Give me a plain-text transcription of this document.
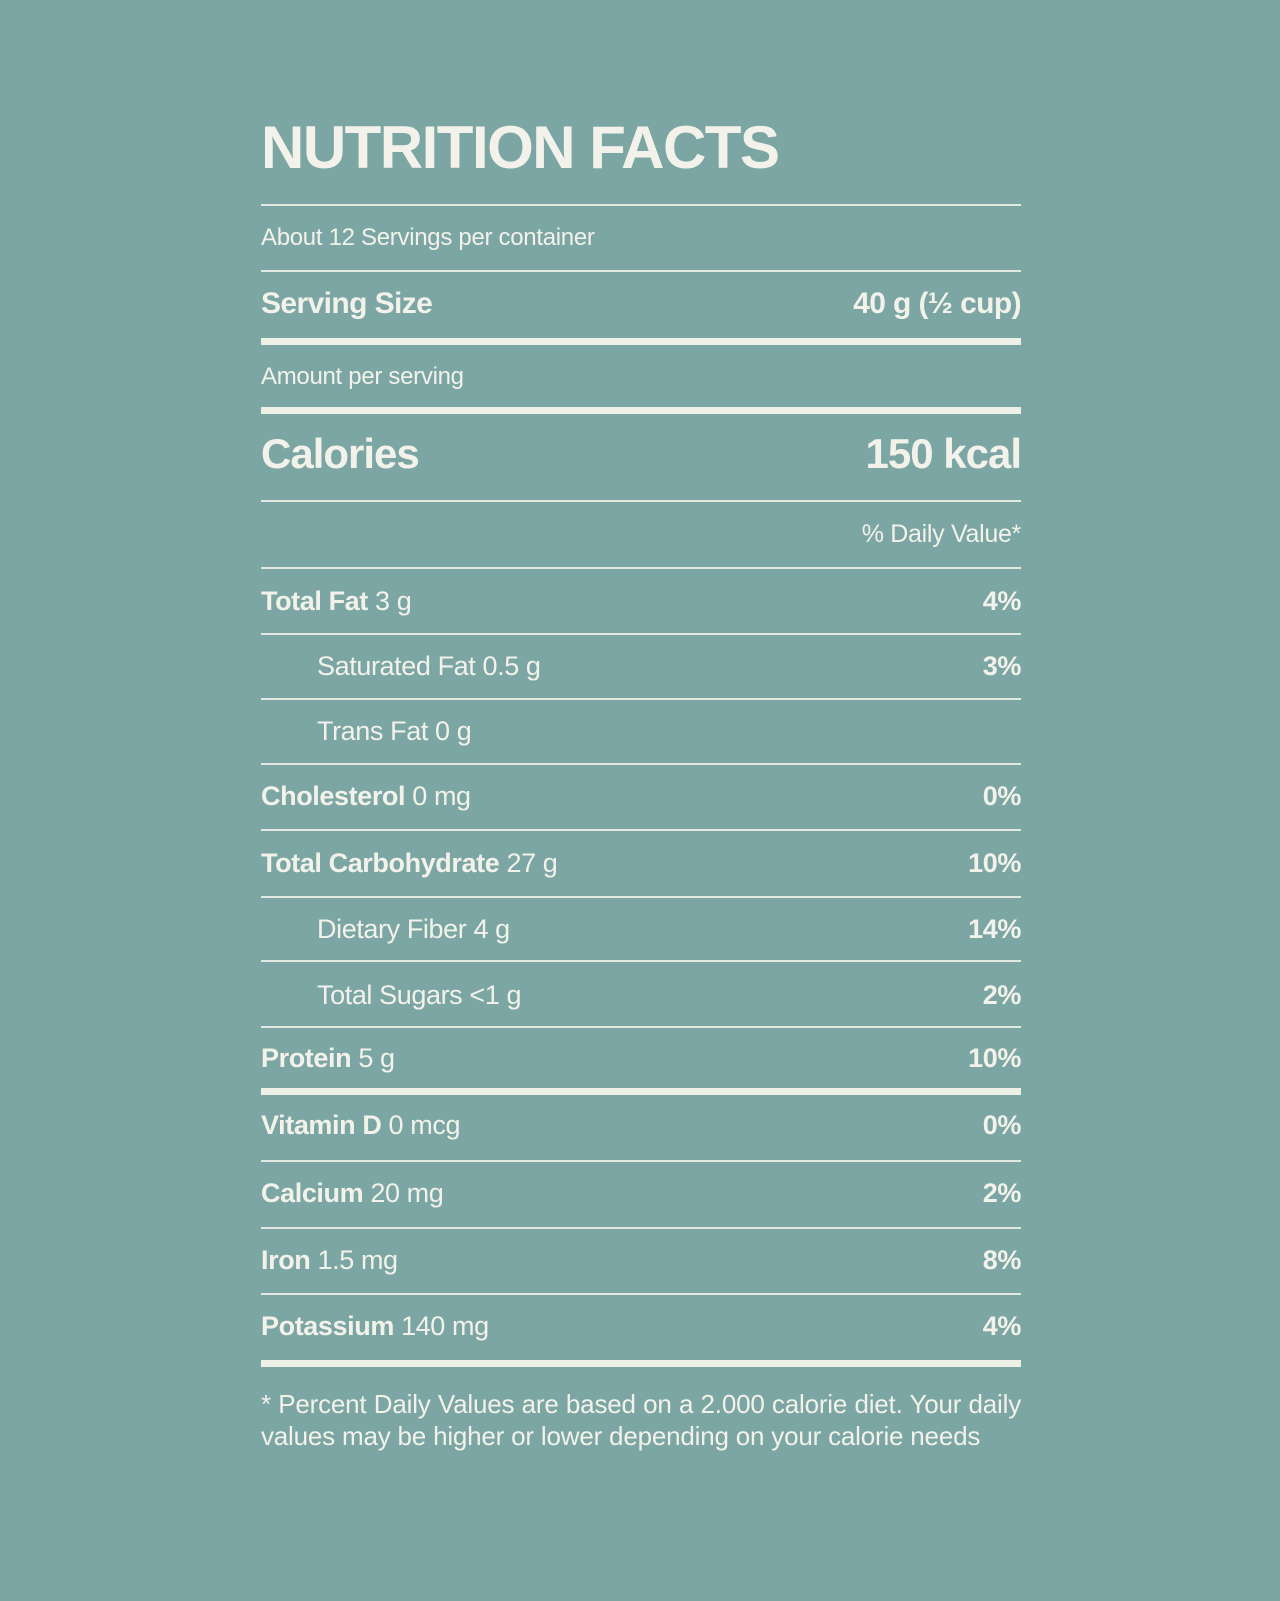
NUTRITION FACTS
About 12 Servings per container
Serving Size	40 g (½ cup)
Amount per serving
Calories	150 kcal
% Daily Value*
Total Fat 3 g	4%
Saturated Fat 0.5 g	3%
Trans Fat 0 g
Cholesterol 0 mg	0%
Total Carbohydrate 27 g	10%
Dietary Fiber 4 g	14%
Total Sugars <1 g	2%
Protein 5 g	10%
Vitamin D 0 mcg	0%
Calcium 20 mg	2%
Iron 1.5 mg	8%
Potassium 140 mg	4%
* Percent Daily Values are based on a 2.000 calorie diet. Your daily values may be higher or lower depending on your calorie needs
